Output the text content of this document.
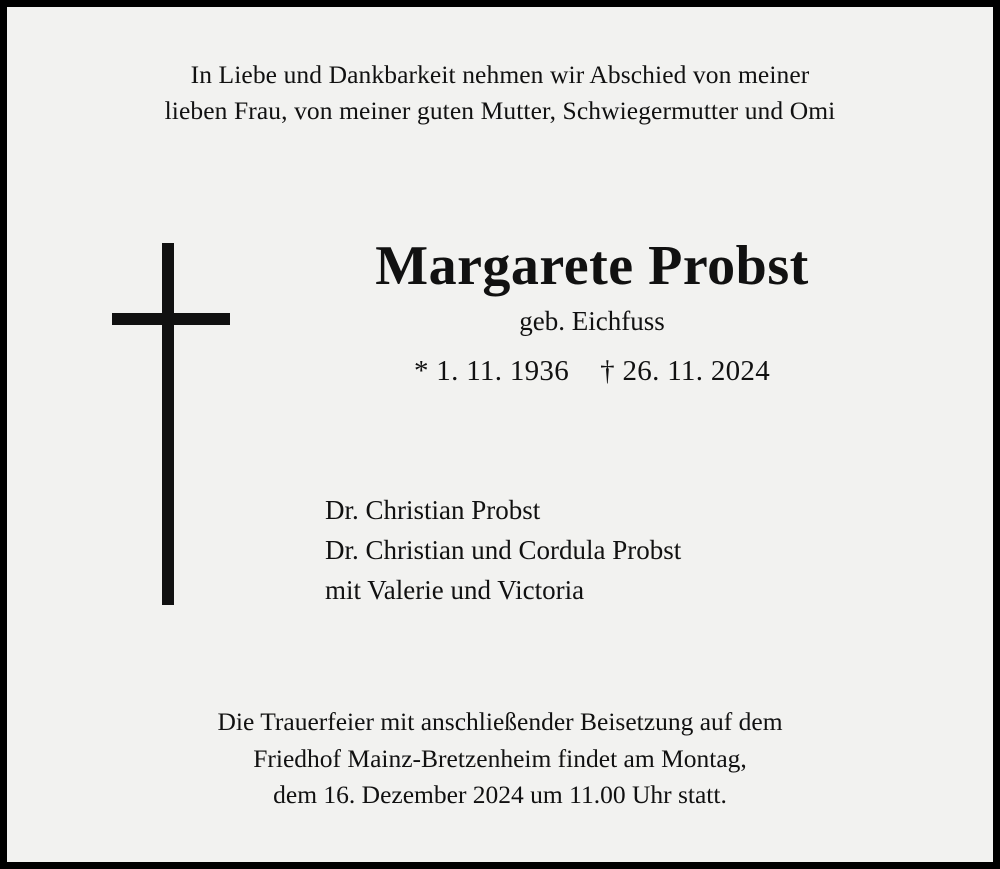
In Liebe und Dankbarkeit nehmen wir Abschied von meiner
lieben Frau, von meiner guten Mutter, Schwiegermutter und Omi
Margarete Probst
geb. Eichfuss
* 1. 11. 1936 † 26. 11. 2024
Dr. Christian Probst
Dr. Christian und Cordula Probst
mit Valerie und Victoria
Die Trauerfeier mit anschließender Beisetzung auf dem
Friedhof Mainz-Bretzenheim findet am Montag,
dem 16. Dezember 2024 um 11.00 Uhr statt.
